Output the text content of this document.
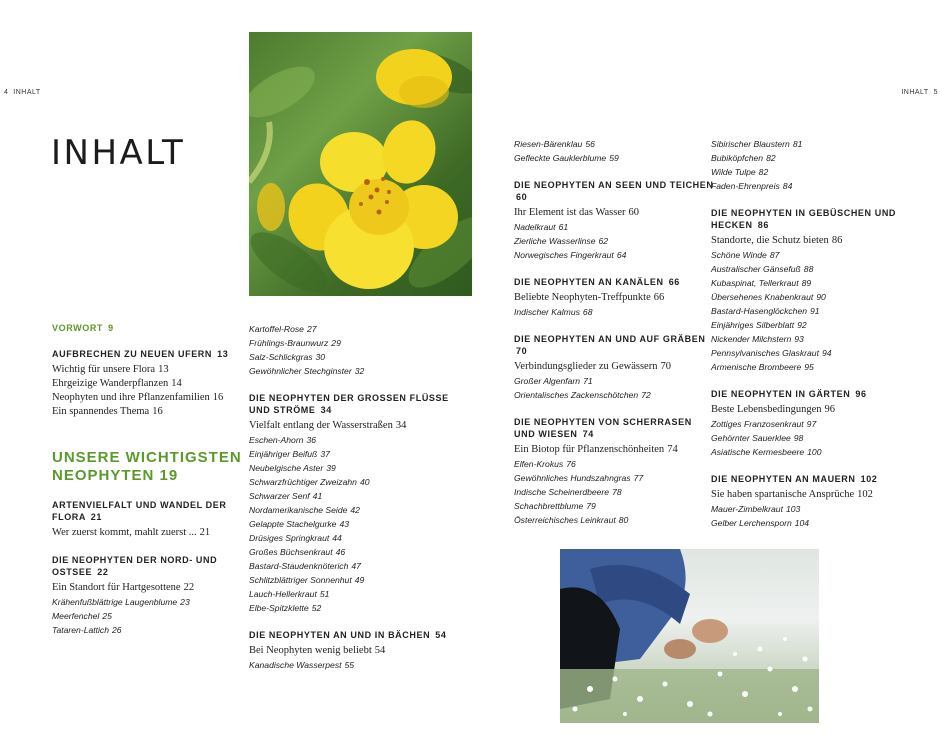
4 INHALT	INHALT 5
INHALT
VORWORT 9
AUFBRECHEN ZU NEUEN UFERN 13
Wichtig für unsere Flora 13
Ehrgeizige Wanderpflanzen 14
Neophyten und ihre Pflanzenfamilien 16
Ein spannendes Thema 16
UNSERE WICHTIGSTEN NEOPHYTEN 19
ARTENVIELFALT UND WANDEL DER FLORA 21
Wer zuerst kommt, mahlt zuerst ... 21
DIE NEOPHYTEN DER NORD- UND OSTSEE 22
Ein Standort für Hartgesottene 22
Krähenfußblättrige Laugenblume 23
Meerfenchel 25
Tataren-Lattich 26
Kartoffel-Rose 27
Frühlings-Braunwurz 29
Salz-Schlickgras 30
Gewöhnlicher Stechginster 32
DIE NEOPHYTEN DER GROSSEN FLÜSSE UND STRÖME 34
Vielfalt entlang der Wasserstraßen 34
Eschen-Ahorn 36
Einjähriger Beifuß 37
Neubelgische Aster 39
Schwarzfrüchtiger Zweizahn 40
Schwarzer Senf 41
Nordamerikanische Seide 42
Gelappte Stachelgurke 43
Drüsiges Springkraut 44
Großes Büchsenkraut 46
Bastard-Staudenknöterich 47
Schlitzblättriger Sonnenhut 49
Lauch-Hellerkraut 51
Elbe-Spitzklette 52
DIE NEOPHYTEN AN UND IN BÄCHEN 54
Bei Neophyten wenig beliebt 54
Kanadische Wasserpest 55
Riesen-Bärenklau 56
Gefleckte Gauklerblume 59
DIE NEOPHYTEN AN SEEN UND TEICHEN 60
Ihr Element ist das Wasser 60
Nadelkraut 61
Zierliche Wasserlinse 62
Norwegisches Fingerkraut 64
DIE NEOPHYTEN AN KANÄLEN 66
Beliebte Neophyten-Treffpunkte 66
Indischer Kalmus 68
DIE NEOPHYTEN AN UND AUF GRÄBEN 70
Verbindungsglieder zu Gewässern 70
Großer Algenfarn 71
Orientalisches Zackenschötchen 72
DIE NEOPHYTEN VON SCHERRASEN UND WIESEN 74
Ein Biotop für Pflanzenschönheiten 74
Elfen-Krokus 76
Gewöhnliches Hundszahngras 77
Indische Scheinerdbeere 78
Schachbrettblume 79
Österreichisches Leinkraut 80
Sibirischer Blaustern 81
Bubiköpfchen 82
Wilde Tulpe 82
Faden-Ehrenpreis 84
DIE NEOPHYTEN IN GEBÜSCHEN UND HECKEN 86
Standorte, die Schutz bieten 86
Schöne Winde 87
Australischer Gänsefuß 88
Kubaspinat, Tellerkraut 89
Übersehenes Knabenkraut 90
Bastard-Hasenglöckchen 91
Einjähriges Silberblatt 92
Nickender Milchstern 93
Pennsylvanisches Glaskraut 94
Armenische Brombeere 95
DIE NEOPHYTEN IN GÄRTEN 96
Beste Lebensbedingungen 96
Zottiges Franzosenkraut 97
Gehörnter Sauerklee 98
Asiatische Kermesbeere 100
DIE NEOPHYTEN AN MAUERN 102
Sie haben spartanische Ansprüche 102
Mauer-Zimbelkraut 103
Gelber Lerchensporn 104
